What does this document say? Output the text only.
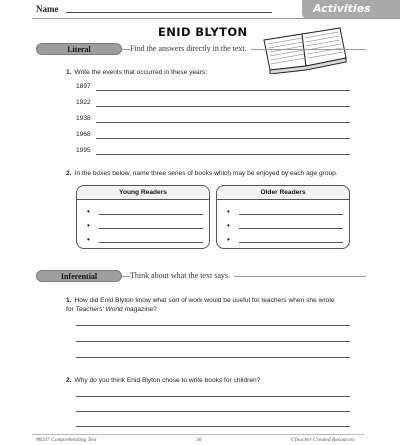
Name	Activities
ENID BLYTON
Literal	Find the answers directly in the text.
1. Write the events that occurred in these years:
1897
1922
1938
1968
1995
2. In the boxes below, name three series of books which may be enjoyed by each age group.
Young Readers
•
•
•
Older Readers
•
•
•
Inferential	Think about what the text says.
1. How did Enid Blyton know what sort of work would be useful for teachers when she wrote
for Teachers' World magazine?
2. Why do you think Enid Blyton chose to write books for children?
#8247 Comprehending Text	36	©Teacher Created Resources
